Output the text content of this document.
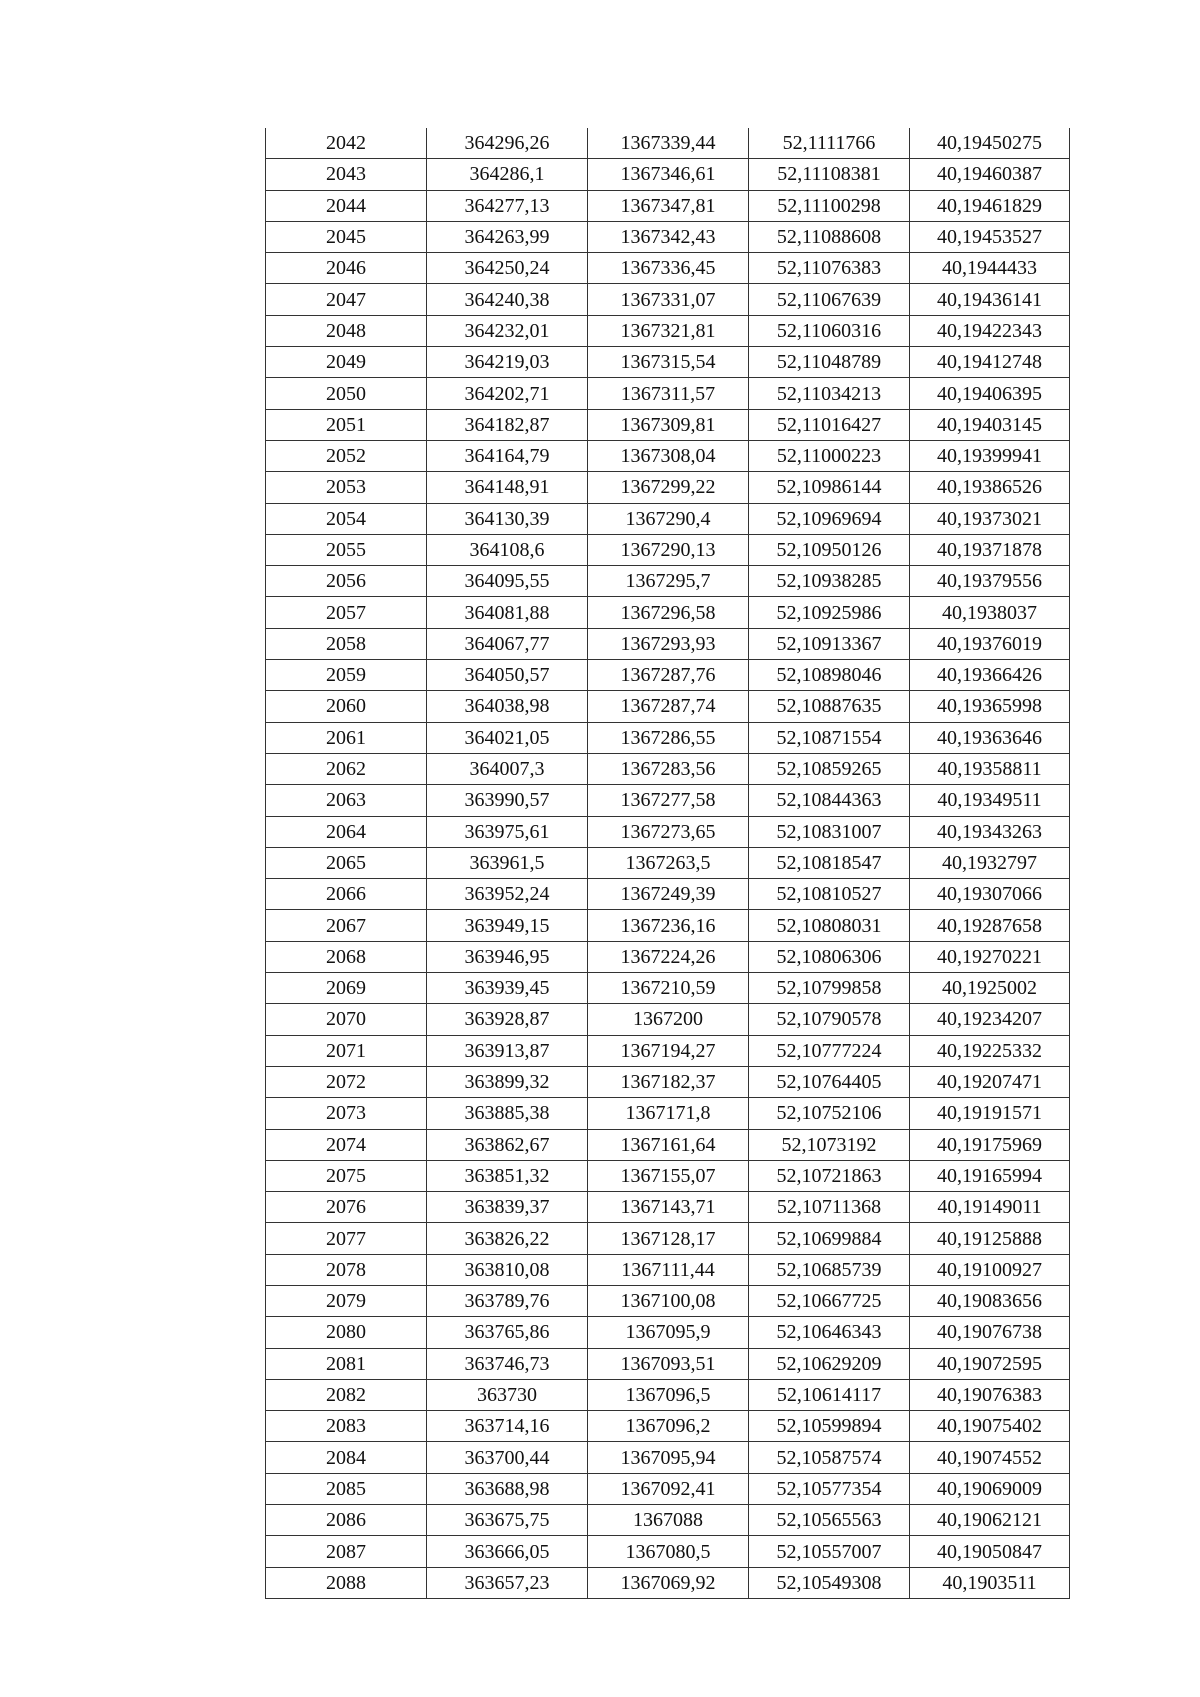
2042	364296,26	1367339,44	52,1111766	40,19450275
2043	364286,1	1367346,61	52,11108381	40,19460387
2044	364277,13	1367347,81	52,11100298	40,19461829
2045	364263,99	1367342,43	52,11088608	40,19453527
2046	364250,24	1367336,45	52,11076383	40,1944433
2047	364240,38	1367331,07	52,11067639	40,19436141
2048	364232,01	1367321,81	52,11060316	40,19422343
2049	364219,03	1367315,54	52,11048789	40,19412748
2050	364202,71	1367311,57	52,11034213	40,19406395
2051	364182,87	1367309,81	52,11016427	40,19403145
2052	364164,79	1367308,04	52,11000223	40,19399941
2053	364148,91	1367299,22	52,10986144	40,19386526
2054	364130,39	1367290,4	52,10969694	40,19373021
2055	364108,6	1367290,13	52,10950126	40,19371878
2056	364095,55	1367295,7	52,10938285	40,19379556
2057	364081,88	1367296,58	52,10925986	40,1938037
2058	364067,77	1367293,93	52,10913367	40,19376019
2059	364050,57	1367287,76	52,10898046	40,19366426
2060	364038,98	1367287,74	52,10887635	40,19365998
2061	364021,05	1367286,55	52,10871554	40,19363646
2062	364007,3	1367283,56	52,10859265	40,19358811
2063	363990,57	1367277,58	52,10844363	40,19349511
2064	363975,61	1367273,65	52,10831007	40,19343263
2065	363961,5	1367263,5	52,10818547	40,1932797
2066	363952,24	1367249,39	52,10810527	40,19307066
2067	363949,15	1367236,16	52,10808031	40,19287658
2068	363946,95	1367224,26	52,10806306	40,19270221
2069	363939,45	1367210,59	52,10799858	40,1925002
2070	363928,87	1367200	52,10790578	40,19234207
2071	363913,87	1367194,27	52,10777224	40,19225332
2072	363899,32	1367182,37	52,10764405	40,19207471
2073	363885,38	1367171,8	52,10752106	40,19191571
2074	363862,67	1367161,64	52,1073192	40,19175969
2075	363851,32	1367155,07	52,10721863	40,19165994
2076	363839,37	1367143,71	52,10711368	40,19149011
2077	363826,22	1367128,17	52,10699884	40,19125888
2078	363810,08	1367111,44	52,10685739	40,19100927
2079	363789,76	1367100,08	52,10667725	40,19083656
2080	363765,86	1367095,9	52,10646343	40,19076738
2081	363746,73	1367093,51	52,10629209	40,19072595
2082	363730	1367096,5	52,10614117	40,19076383
2083	363714,16	1367096,2	52,10599894	40,19075402
2084	363700,44	1367095,94	52,10587574	40,19074552
2085	363688,98	1367092,41	52,10577354	40,19069009
2086	363675,75	1367088	52,10565563	40,19062121
2087	363666,05	1367080,5	52,10557007	40,19050847
2088	363657,23	1367069,92	52,10549308	40,1903511
